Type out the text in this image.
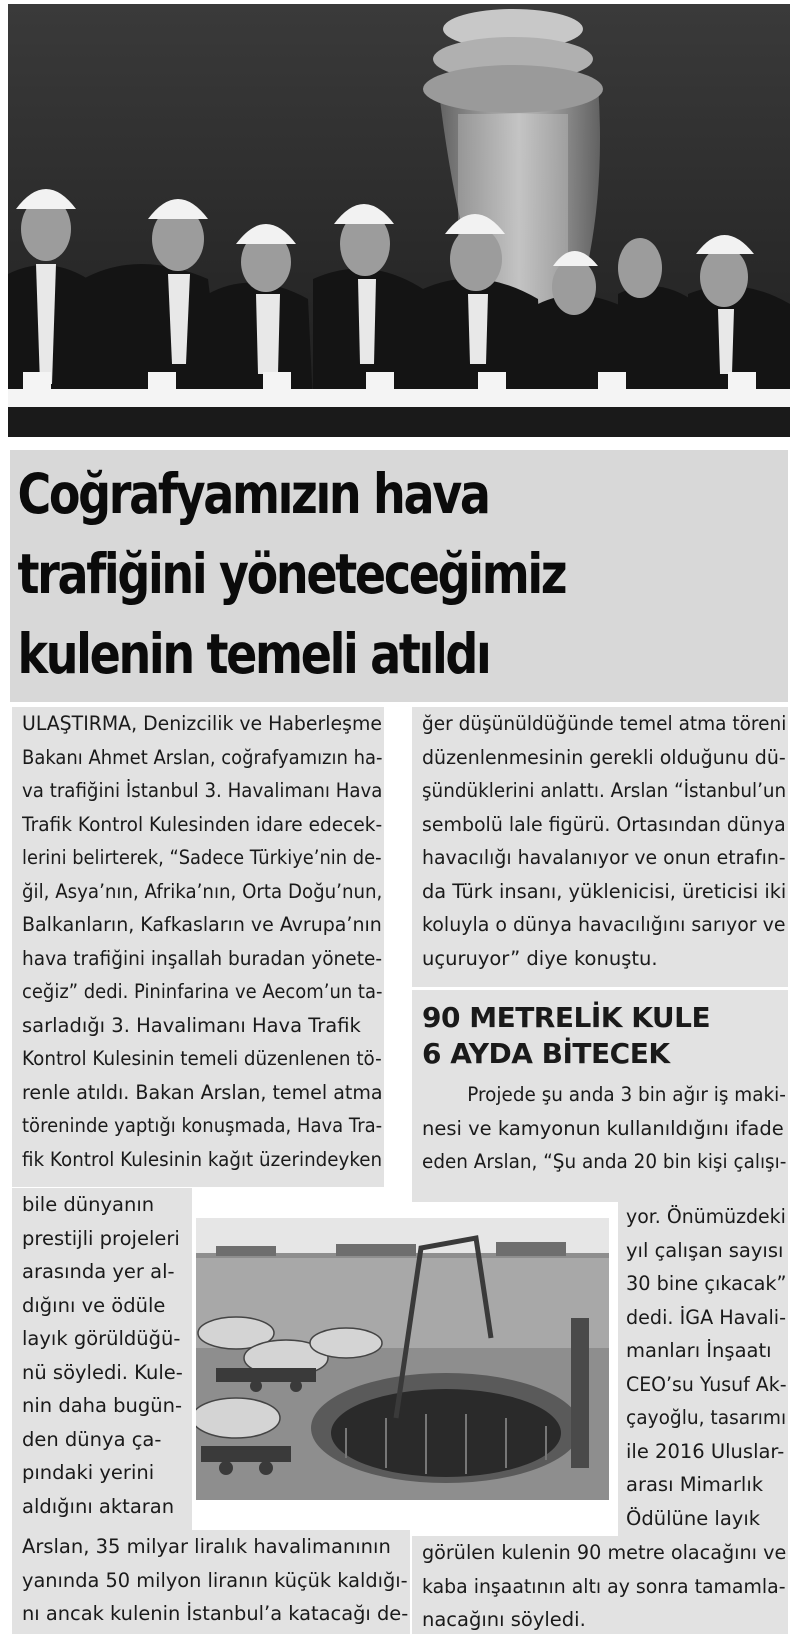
Coğrafyamızın hava
trafiğini yöneteceğimiz
kulenin temeli atıldı
ULAŞTIRMA, Denizcilik ve Haberleşme
Bakanı Ahmet Arslan, coğrafyamızın ha-
va trafiğini İstanbul 3. Havalimanı Hava
Trafik Kontrol Kulesinden idare edecek-
lerini belirterek, “Sadece Türkiye’nin de-
ğil, Asya’nın, Afrika’nın, Orta Doğu’nun,
Balkanların, Kafkasların ve Avrupa’nın
hava trafiğini inşallah buradan yönete-
ceğiz” dedi. Pininfarina ve Aecom’un ta-
sarladığı 3. Havalimanı Hava Trafik
Kontrol Kulesinin temeli düzenlenen tö-
renle atıldı. Bakan Arslan, temel atma
töreninde yaptığı konuşmada, Hava Tra-
fik Kontrol Kulesinin kağıt üzerindeyken
bile dünyanın
prestijli projeleri
arasında yer al-
dığını ve ödüle
layık görüldüğü-
nü söyledi. Kule-
nin daha bugün-
den dünya ça-
pındaki yerini
aldığını aktaran
Arslan, 35 milyar liralık havalimanının
yanında 50 milyon liranın küçük kaldığı-
nı ancak kulenin İstanbul’a katacağı de-
ğer düşünüldüğünde temel atma töreni
düzenlenmesinin gerekli olduğunu dü-
şündüklerini anlattı. Arslan “İstanbul’un
sembolü lale figürü. Ortasından dünya
havacılığı havalanıyor ve onun etrafın-
da Türk insanı, yüklenicisi, üreticisi iki
koluyla o dünya havacılığını sarıyor ve
uçuruyor” diye konuştu.
90 METRELİK KULE
6 AYDA BİTECEK
Projede şu anda 3 bin ağır iş maki-
nesi ve kamyonun kullanıldığını ifade
eden Arslan, “Şu anda 20 bin kişi çalışı-
yor. Önümüzdeki
yıl çalışan sayısı
30 bine çıkacak”
dedi. İGA Havali-
manları İnşaatı
CEO’su Yusuf Ak-
çayoğlu, tasarımı
ile 2016 Uluslar-
arası Mimarlık
Ödülüne layık
görülen kulenin 90 metre olacağını ve
kaba inşaatının altı ay sonra tamamla-
nacağını söyledi.
